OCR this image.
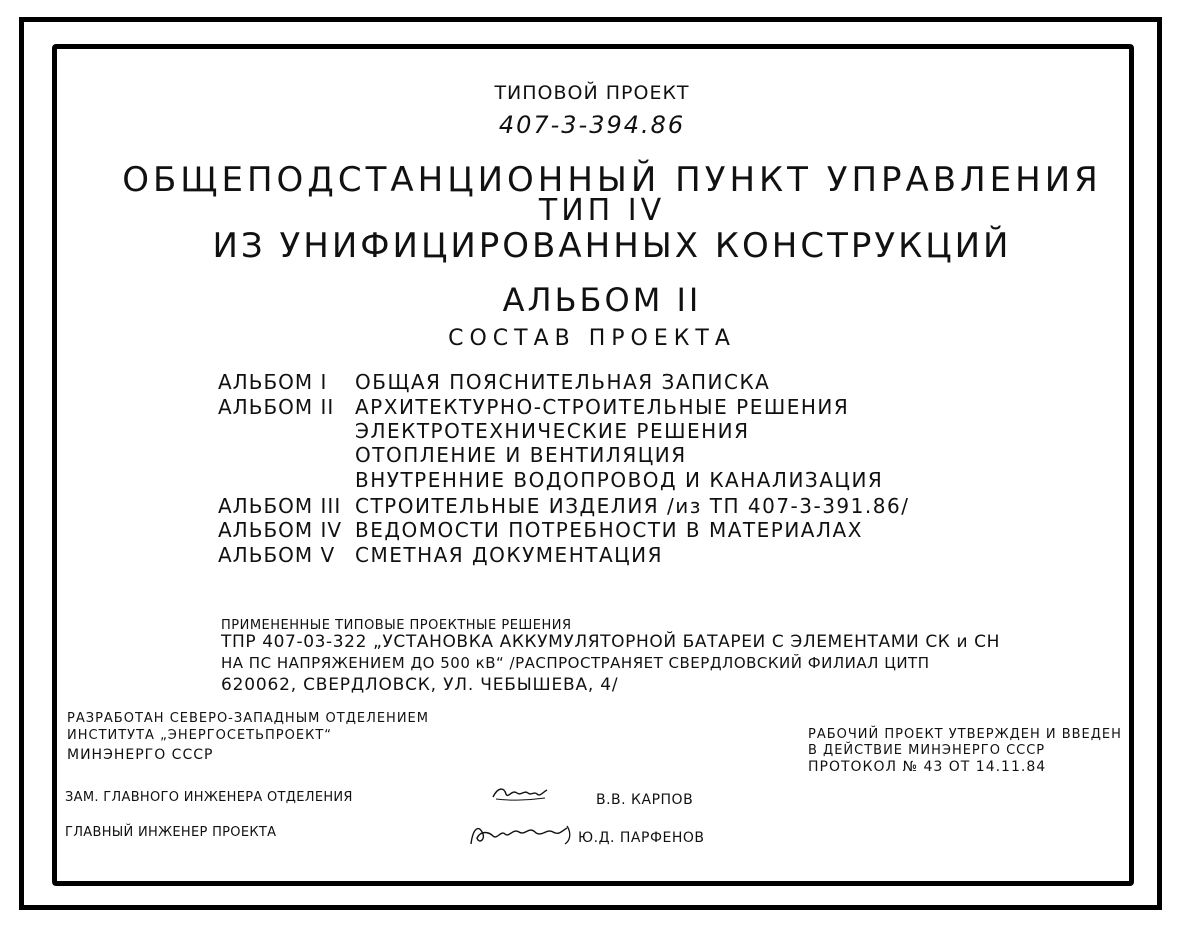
ТИПОВОЙ ПРОЕКТ

407-3-394.86

ОБЩЕПОДСТАНЦИОННЫЙ ПУНКТ УПРАВЛЕНИЯ

ТИП IV

ИЗ УНИФИЦИРОВАННЫХ КОНСТРУКЦИЙ

АЛЬБОМ II

СОСТАВ ПРОЕКТА

АЛЬБОМ I ОБЩАЯ ПОЯСНИТЕЛЬНАЯ ЗАПИСКА

АЛЬБОМ II АРХИТЕКТУРНО-СТРОИТЕЛЬНЫЕ РЕШЕНИЯ

ЭЛЕКТРОТЕХНИЧЕСКИЕ РЕШЕНИЯ

ОТОПЛЕНИЕ И ВЕНТИЛЯЦИЯ

ВНУТРЕННИЕ ВОДОПРОВОД И КАНАЛИЗАЦИЯ

АЛЬБОМ III СТРОИТЕЛЬНЫЕ ИЗДЕЛИЯ /из ТП 407-3-391.86/

АЛЬБОМ IV ВЕДОМОСТИ ПОТРЕБНОСТИ В МАТЕРИАЛАХ

АЛЬБОМ V СМЕТНАЯ ДОКУМЕНТАЦИЯ

ПРИМЕНЕННЫЕ ТИПОВЫЕ ПРОЕКТНЫЕ РЕШЕНИЯ

ТПР 407-03-322 „УСТАНОВКА АККУМУЛЯТОРНОЙ БАТАРЕИ С ЭЛЕМЕНТАМИ СК и СН

НА ПС НАПРЯЖЕНИЕМ ДО 500 кВ“ /РАСПРОСТРАНЯЕТ СВЕРДЛОВСКИЙ ФИЛИАЛ ЦИТП

620062, СВЕРДЛОВСК, УЛ. ЧЕБЫШЕВА, 4/

РАЗРАБОТАН СЕВЕРО-ЗАПАДНЫМ ОТДЕЛЕНИЕМ

ИНСТИТУТА „ЭНЕРГОСЕТЬПРОЕКТ“

МИНЭНЕРГО СССР

РАБОЧИЙ ПРОЕКТ УТВЕРЖДЕН И ВВЕДЕН

В ДЕЙСТВИЕ МИНЭНЕРГО СССР

ПРОТОКОЛ № 43 ОТ 14.11.84

ЗАМ. ГЛАВНОГО ИНЖЕНЕРА ОТДЕЛЕНИЯ	В.В. КАРПОВ

ГЛАВНЫЙ ИНЖЕНЕР ПРОЕКТА	Ю.Д. ПАРФЕНОВ
